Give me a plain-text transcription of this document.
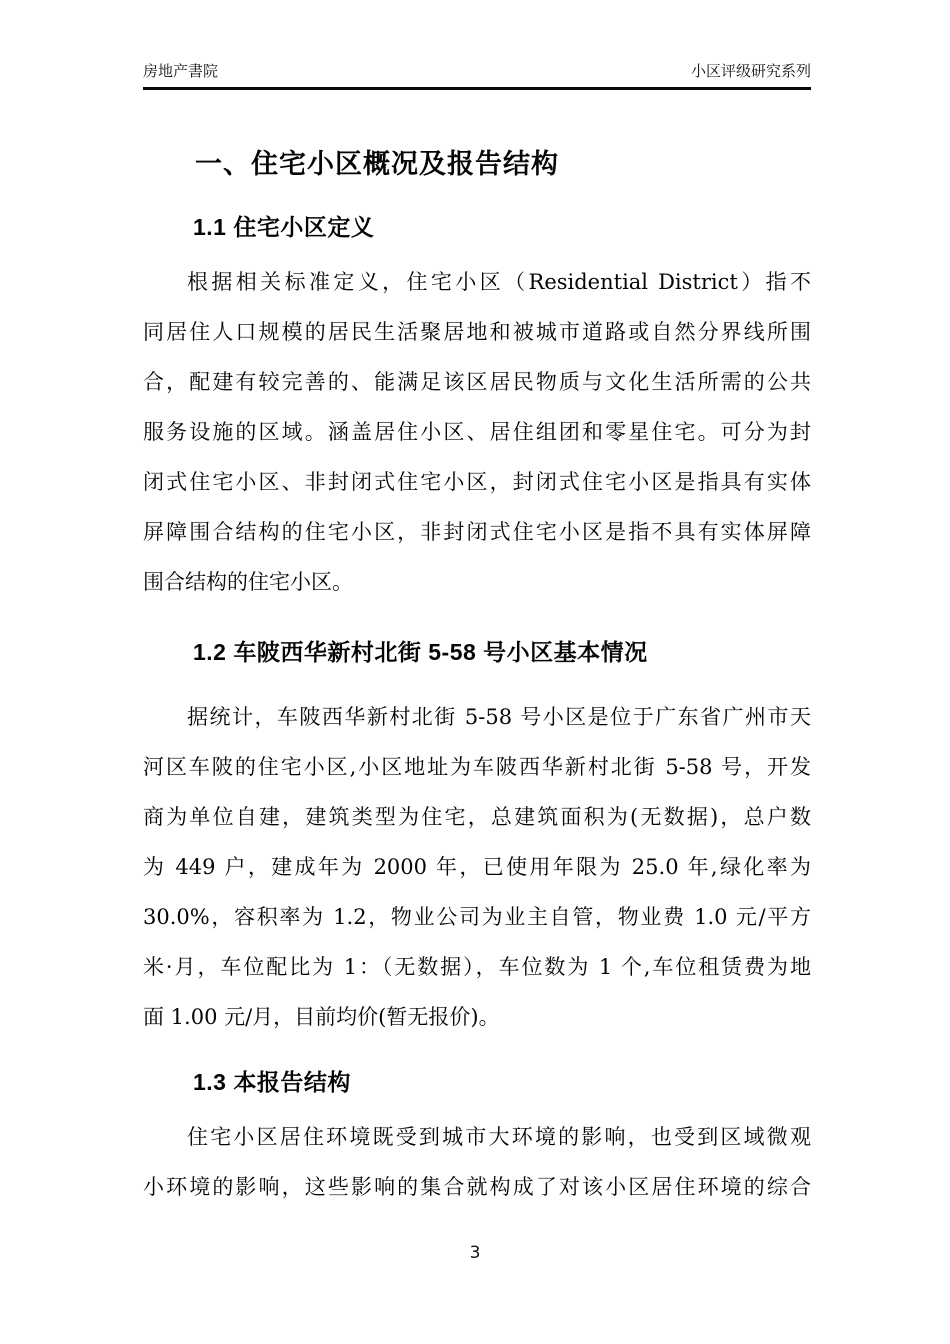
房地产書院	小区评级研究系列
一、住宅小区概况及报告结构
1.1 住宅小区定义
根据相关标准定义，住宅小区（Residential District）指不
同居住人口规模的居民生活聚居地和被城市道路或自然分界线所围
合，配建有较完善的、能满足该区居民物质与文化生活所需的公共
服务设施的区域。涵盖居住小区、居住组团和零星住宅。可分为封
闭式住宅小区、非封闭式住宅小区，封闭式住宅小区是指具有实体
屏障围合结构的住宅小区，非封闭式住宅小区是指不具有实体屏障
围合结构的住宅小区。
1.2 车陂西华新村北街 5-58 号小区基本情况
据统计，车陂西华新村北街 5-58 号小区是位于广东省广州市天
河区车陂的住宅小区,小区地址为车陂西华新村北街 5-58 号，开发
商为单位自建，建筑类型为住宅，总建筑面积为(无数据)，总户数
为 449 户，建成年为 2000 年，已使用年限为 25.0 年,绿化率为
30.0%，容积率为 1.2，物业公司为业主自管，物业费 1.0 元/平方
米·月，车位配比为 1：（无数据），车位数为 1 个,车位租赁费为地
面 1.00 元/月，目前均价(暂无报价)。
1.3 本报告结构
住宅小区居住环境既受到城市大环境的影响，也受到区域微观
小环境的影响，这些影响的集合就构成了对该小区居住环境的综合
3
